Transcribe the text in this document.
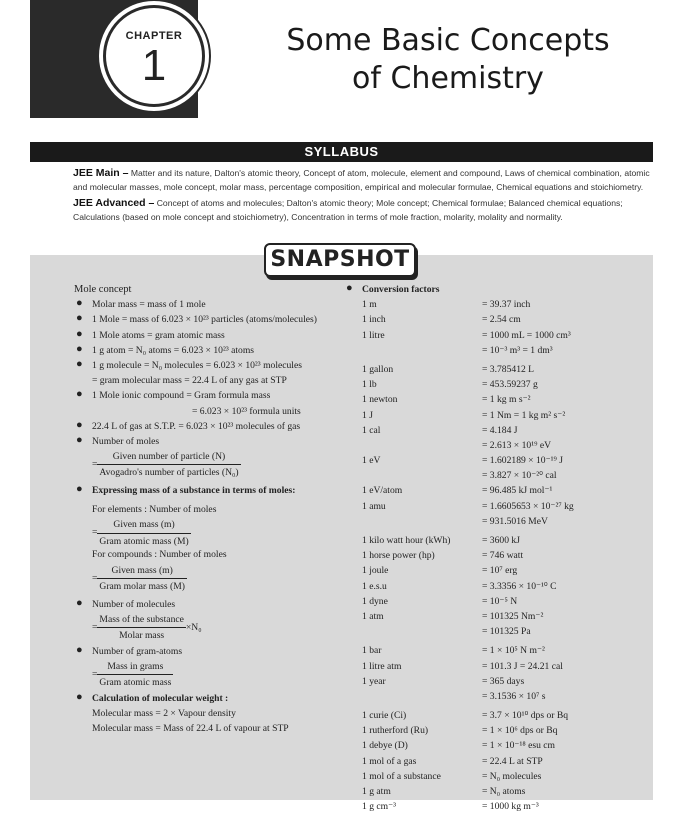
CHAPTER
1
Some Basic Concepts
of Chemistry
SYLLABUS
JEE Main – Matter and its nature, Dalton's atomic theory, Concept of atom, molecule, element and compound, Laws of chemical combination, atomic and molecular masses, mole concept, molar mass, percentage composition, empirical and molecular formulae, Chemical equations and stoichiometry.
JEE Advanced – Concept of atoms and molecules; Dalton's atomic theory; Mole concept; Chemical formulae; Balanced chemical equations; Calculations (based on mole concept and stoichiometry), Concentration in terms of mole fraction, molarity, molality and normality.
SNAPSHOT
Mole concept
● Molar mass = mass of 1 mole
● 1 Mole = mass of 6.023 × 10²³ particles (atoms/molecules)
● 1 Mole atoms = gram atomic mass
● 1 g atom = N₀ atoms = 6.023 × 10²³ atoms
● 1 g molecule = N₀ molecules = 6.023 × 10²³ molecules
= gram molecular mass = 22.4 L of any gas at STP
● 1 Mole ionic compound = Gram formula mass
= 6.023 × 10²³ formula units
● 22.4 L of gas at S.T.P. = 6.023 × 10²³ molecules of gas
● Number of moles
= $\frac{\text{Given number of particle (N)}}{\text{Avogadro's number of particles (N₀)}}$
● Expressing mass of a substance in terms of moles:
For elements : Number of moles
= $\frac{\text{Given mass (m)}}{\text{Gram atomic mass (M)}}$
For compounds : Number of moles
= $\frac{\text{Given mass (m)}}{\text{Gram molar mass (M)}}$
● Number of molecules
= $\frac{\text{Mass of the substance}}{\text{Molar mass}} \times N_0$
● Number of gram-atoms
= $\frac{\text{Mass in grams}}{\text{Gram atomic mass}}$
● Calculation of molecular weight :
Molecular mass = 2 × Vapour density
Molecular mass = Mass of 22.4 L of vapour at STP
● Conversion factors
1 m	= 39.37 inch
1 inch	= 2.54 cm
1 litre	= 1000 mL = 1000 cm³
= 10⁻³ m³ = 1 dm³
1 gallon	= 3.785412 L
1 lb	= 453.59237 g
1 newton	= 1 kg m s⁻²
1 J	= 1 Nm = 1 kg m² s⁻²
1 cal	= 4.184 J
= 2.613 × 10¹⁹ eV
1 eV	= 1.602189 × 10⁻¹⁹ J
= 3.827 × 10⁻²⁰ cal
1 eV/atom	= 96.485 kJ mol⁻¹
1 amu	= 1.6605653 × 10⁻²⁷ kg
= 931.5016 MeV
1 kilo watt hour (kWh)	= 3600 kJ
1 horse power (hp)	= 746 watt
1 joule	= 10⁷ erg
1 e.s.u	= 3.3356 × 10⁻¹⁰ C
1 dyne	= 10⁻⁵ N
1 atm	= 101325 Nm⁻²
= 101325 Pa
1 bar	= 1 × 10⁵ N m⁻²
1 litre atm	= 101.3 J = 24.21 cal
1 year	= 365 days
= 3.1536 × 10⁷ s
1 curie (Ci)	= 3.7 × 10¹⁰ dps or Bq
1 rutherford (Ru)	= 1 × 10⁶ dps or Bq
1 debye (D)	= 1 × 10⁻¹⁸ esu cm
1 mol of a gas	= 22.4 L at STP
1 mol of a substance	= N₀ molecules
1 g atm	= N₀ atoms
1 g cm⁻³	= 1000 kg m⁻³
